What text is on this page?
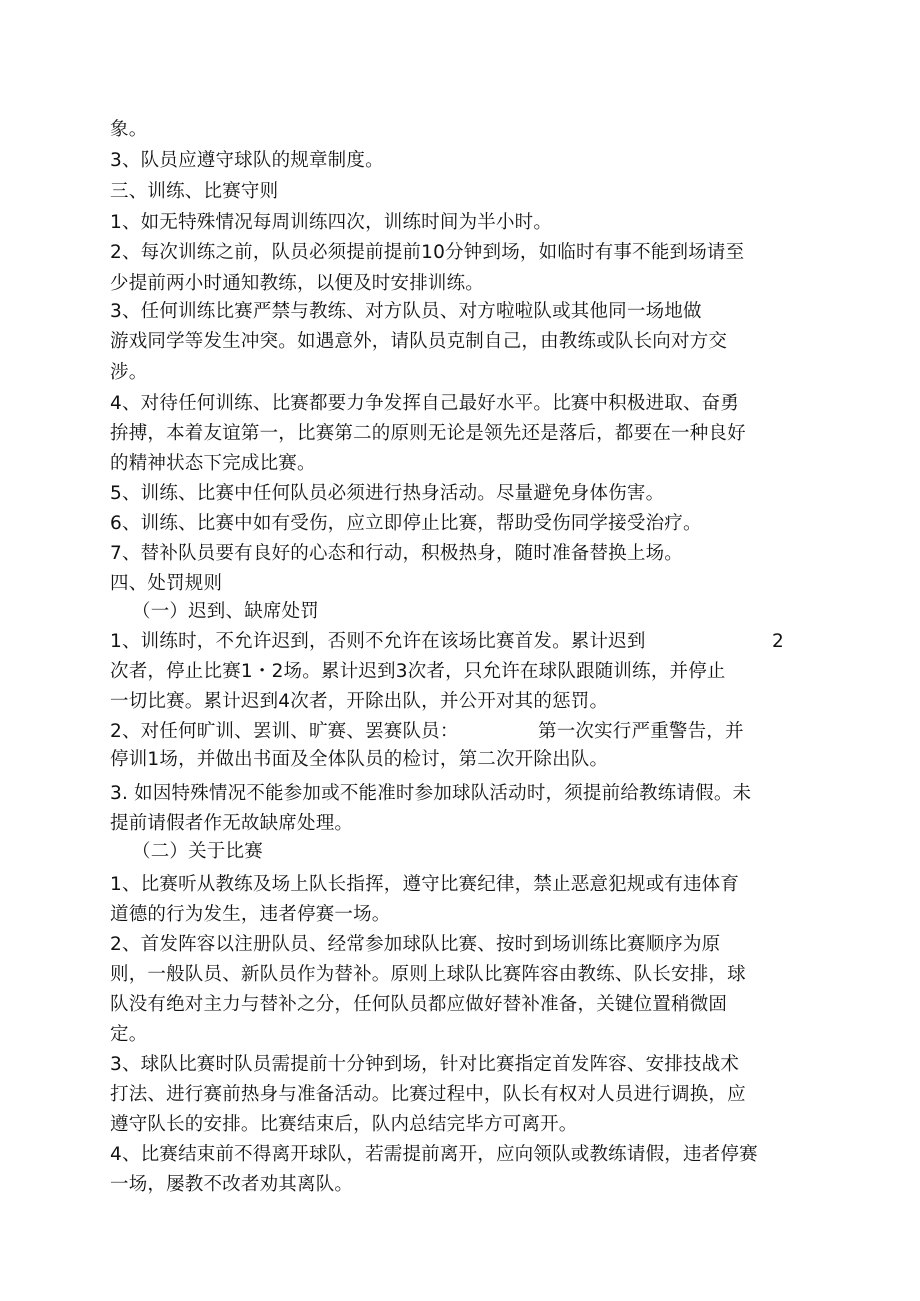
象。
3、队员应遵守球队的规章制度。
三、训练、比赛守则
1、如无特殊情况每周训练四次，训练时间为半小时。
2、每次训练之前，队员必须提前提前10分钟到场，如临时有事不能到场请至
少提前两小时通知教练，以便及时安排训练。
3、任何训练比赛严禁与教练、对方队员、对方啦啦队或其他同一场地做
游戏同学等发生冲突。如遇意外，请队员克制自己，由教练或队长向对方交
涉。
4、对待任何训练、比赛都要力争发挥自己最好水平。比赛中积极进取、奋勇
拚搏，本着友谊第一，比赛第二的原则无论是领先还是落后，都要在一种良好
的精神状态下完成比赛。
5、训练、比赛中任何队员必须进行热身活动。尽量避免身体伤害。
6、训练、比赛中如有受伤，应立即停止比赛，帮助受伤同学接受治疗。
7、替补队员要有良好的心态和行动，积极热身，随时准备替换上场。
四、处罚规则
（一）迟到、缺席处罚
1、训练时，不允许迟到，否则不允许在该场比赛首发。累计迟到	2
次者，停止比赛1・2场。累计迟到3次者，只允许在球队跟随训练，并停止
一切比赛。累计迟到4次者，开除出队，并公开对其的惩罚。
2、对任何旷训、罢训、旷赛、罢赛队员：	第一次实行严重警告，并
停训1场，并做出书面及全体队员的检讨，第二次开除出队。
3. 如因特殊情况不能参加或不能准时参加球队活动时，须提前给教练请假。未
提前请假者作无故缺席处理。
（二）关于比赛
1、比赛听从教练及场上队长指挥，遵守比赛纪律，禁止恶意犯规或有违体育
道德的行为发生，违者停赛一场。
2、首发阵容以注册队员、经常参加球队比赛、按时到场训练比赛顺序为原
则，一般队员、新队员作为替补。原则上球队比赛阵容由教练、队长安排，球
队没有绝对主力与替补之分，任何队员都应做好替补准备，关键位置稍微固
定。
3、球队比赛时队员需提前十分钟到场，针对比赛指定首发阵容、安排技战术
打法、进行赛前热身与准备活动。比赛过程中，队长有权对人员进行调换，应
遵守队长的安排。比赛结束后，队内总结完毕方可离开。
4、比赛结束前不得离开球队，若需提前离开，应向领队或教练请假，违者停赛
一场，屡教不改者劝其离队。
